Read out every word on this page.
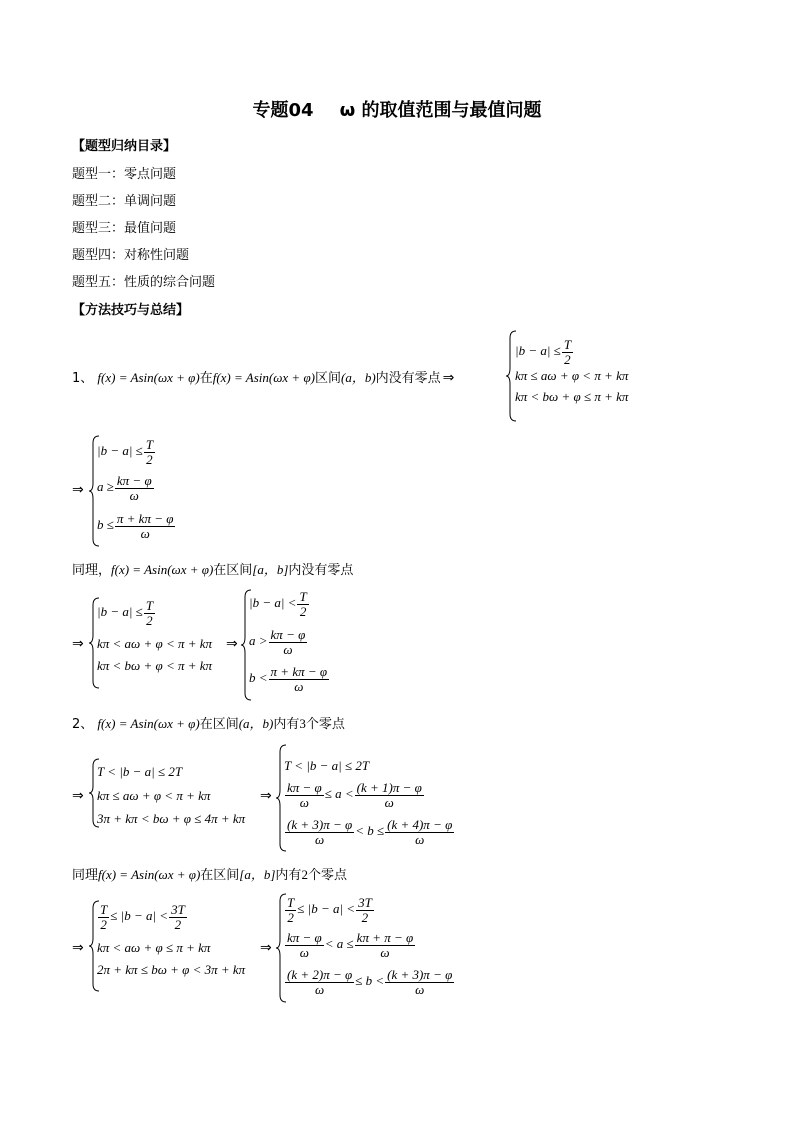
专题04 ω 的取值范围与最值问题
【题型归纳目录】
题型一：零点问题
题型二：单调问题
题型三：最值问题
题型四：对称性问题
题型五：性质的综合问题
【方法技巧与总结】
1、 f(x) = Asin(ωx + φ)在f(x) = Asin(ωx + φ)区间(a，b)内没有零点 ⇒
$|b - a| \le \frac{T}{2}$
kπ ≤ aω + φ < π + kπ
kπ < bω + φ ≤ π + kπ
⇒
$|b - a| \le \frac{T}{2}$
$a \ge \frac{k\pi - \varphi}{\omega}$
$b \le \frac{\pi + k\pi - \varphi}{\omega}$
同理，f(x) = Asin(ωx + φ)在区间[a，b]内没有零点
⇒
$|b - a| \le \frac{T}{2}$
kπ < aω + φ < π + kπ
kπ < bω + φ < π + kπ
⇒
$|b - a| < \frac{T}{2}$
$a > \frac{k\pi - \varphi}{\omega}$
$b < \frac{\pi + k\pi - \varphi}{\omega}$
2、 f(x) = Asin(ωx + φ)在区间(a，b)内有3个零点
⇒
T < |b − a| ≤ 2T
kπ ≤ aω + φ < π + kπ
3π + kπ < bω + φ ≤ 4π + kπ
⇒
T < |b − a| ≤ 2T
$\frac{k\pi - \varphi}{\omega} \le a < \frac{(k + 1)\pi - \varphi}{\omega}$
$\frac{(k + 3)\pi - \varphi}{\omega} < b \le \frac{(k + 4)\pi - \varphi}{\omega}$
同理f(x) = Asin(ωx + φ)在区间[a，b]内有2个零点
⇒
$\frac{T}{2} \le |b - a| < \frac{3T}{2}$
kπ < aω + φ ≤ π + kπ
2π + kπ ≤ bω + φ < 3π + kπ
⇒
$\frac{T}{2} \le |b - a| < \frac{3T}{2}$
$\frac{k\pi - \varphi}{\omega} < a \le \frac{k\pi + \pi - \varphi}{\omega}$
$\frac{(k + 2)\pi - \varphi}{\omega} \le b < \frac{(k + 3)\pi - \varphi}{\omega}$
